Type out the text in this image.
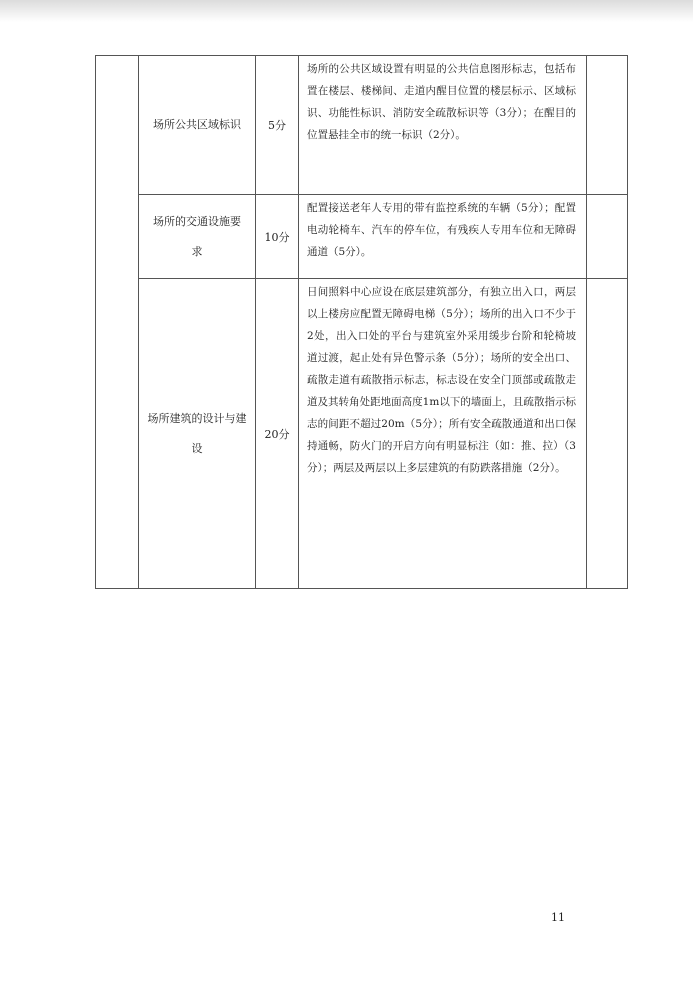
	场所公共区域标识	5分	场所的公共区域设置有明显的公共信息图形标志，包括布置在楼层、楼梯间、走道内醒目位置的楼层标示、区域标识、功能性标识、消防安全疏散标识等（3分）；在醒目的位置悬挂全市的统一标识（2分）。	
	场所的交通设施要求	10分	配置接送老年人专用的带有监控系统的车辆（5分）；配置电动轮椅车、汽车的停车位，有残疾人专用车位和无障碍通道（5分）。	
	场所建筑的设计与建设	20分	日间照料中心应设在底层建筑部分，有独立出入口，两层以上楼房应配置无障碍电梯（5分）；场所的出入口不少于2处，出入口处的平台与建筑室外采用缓步台阶和轮椅坡道过渡，起止处有异色警示条（5分）；场所的安全出口、疏散走道有疏散指示标志，标志设在安全门顶部或疏散走道及其转角处距地面高度1m以下的墙面上，且疏散指示标志的间距不超过20m（5分）；所有安全疏散通道和出口保持通畅，防火门的开启方向有明显标注（如：推、拉）（3分）；两层及两层以上多层建筑的有防跌落措施（2分）。	
11
